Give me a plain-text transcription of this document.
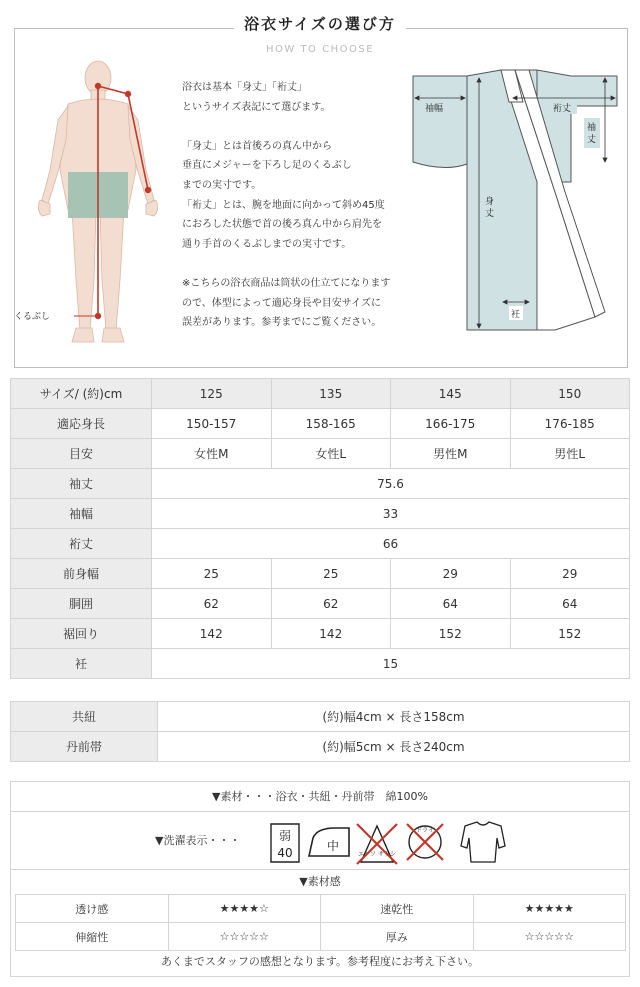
浴衣サイズの選び方
HOW TO CHOOSE
くるぶし

浴衣は基本「身丈」「裄丈」
というサイズ表記にて選びます。

「身丈」とは首後ろの真ん中から
垂直にメジャーを下ろし足のくるぶし
までの実寸です。

「裄丈」とは、腕を地面に向かって斜め45度
におろした状態で首の後ろ真ん中から肩先を
通り手首のくるぶしまでの実寸です。

※こちらの浴衣商品は筒状の仕立てになります
ので、体型によって適応身長や目安サイズに
誤差があります。参考までにご覧ください。

袖幅	裄丈
袖
丈
身
丈
衽
サイズ/ (約)cm	125	135	145	150
適応身長	150-157	158-165	166-175	176-185
目安	女性M	女性L	男性M	男性L
袖丈	75.6			
袖幅	33			
裄丈	66			
前身幅	25	25	29	29
胴囲	62	62	64	64
裾回り	142	142	152	152
衽	15			
共紐	(約)幅4cm × 長さ158cm
丹前帯	(約)幅5cm × 長さ240cm
▼素材・・・浴衣・共紐・丹前帯　綿100%
▼洗濯表示・・・	弱
40	中
エンソ サラシ
ドライ
▼素材感
透け感	★★★★☆	速乾性	★★★★★
伸縮性	☆☆☆☆☆	厚み	☆☆☆☆☆
あくまでスタッフの感想となります。参考程度にお考え下さい。
